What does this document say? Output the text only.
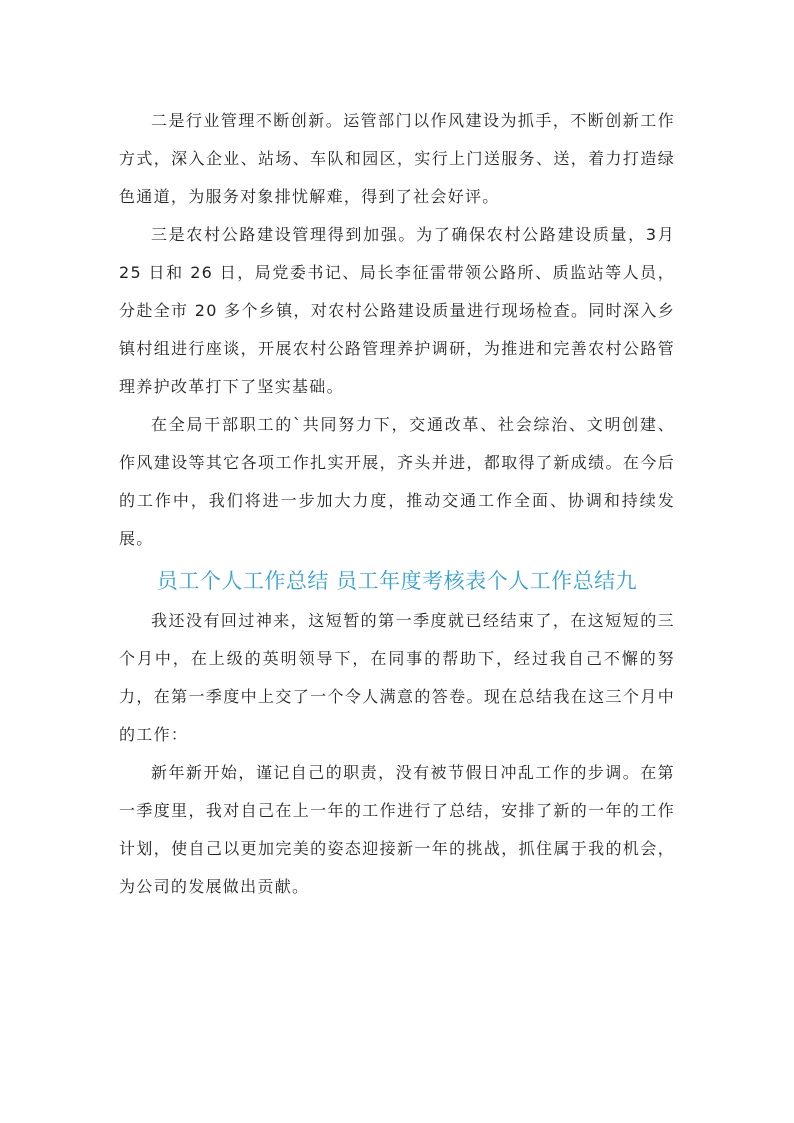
二是行业管理不断创新。运管部门以作风建设为抓手，不断创新工作方式，深入企业、站场、车队和园区，实行上门送服务、送，着力打造绿色通道，为服务对象排忧解难，得到了社会好评。

三是农村公路建设管理得到加强。为了确保农村公路建设质量，3月 25 日和 26 日，局党委书记、局长李征雷带领公路所、质监站等人员，分赴全市 20 多个乡镇，对农村公路建设质量进行现场检查。同时深入乡镇村组进行座谈，开展农村公路管理养护调研，为推进和完善农村公路管理养护改革打下了坚实基础。

在全局干部职工的`共同努力下，交通改革、社会综治、文明创建、作风建设等其它各项工作扎实开展，齐头并进，都取得了新成绩。在今后的工作中，我们将进一步加大力度，推动交通工作全面、协调和持续发展。

员工个人工作总结 员工年度考核表个人工作总结九

我还没有回过神来，这短暂的第一季度就已经结束了，在这短短的三个月中，在上级的英明领导下，在同事的帮助下，经过我自己不懈的努力，在第一季度中上交了一个令人满意的答卷。现在总结我在这三个月中的工作：

新年新开始，谨记自己的职责，没有被节假日冲乱工作的步调。在第一季度里，我对自己在上一年的工作进行了总结，安排了新的一年的工作计划，使自己以更加完美的姿态迎接新一年的挑战，抓住属于我的机会，为公司的发展做出贡献。
